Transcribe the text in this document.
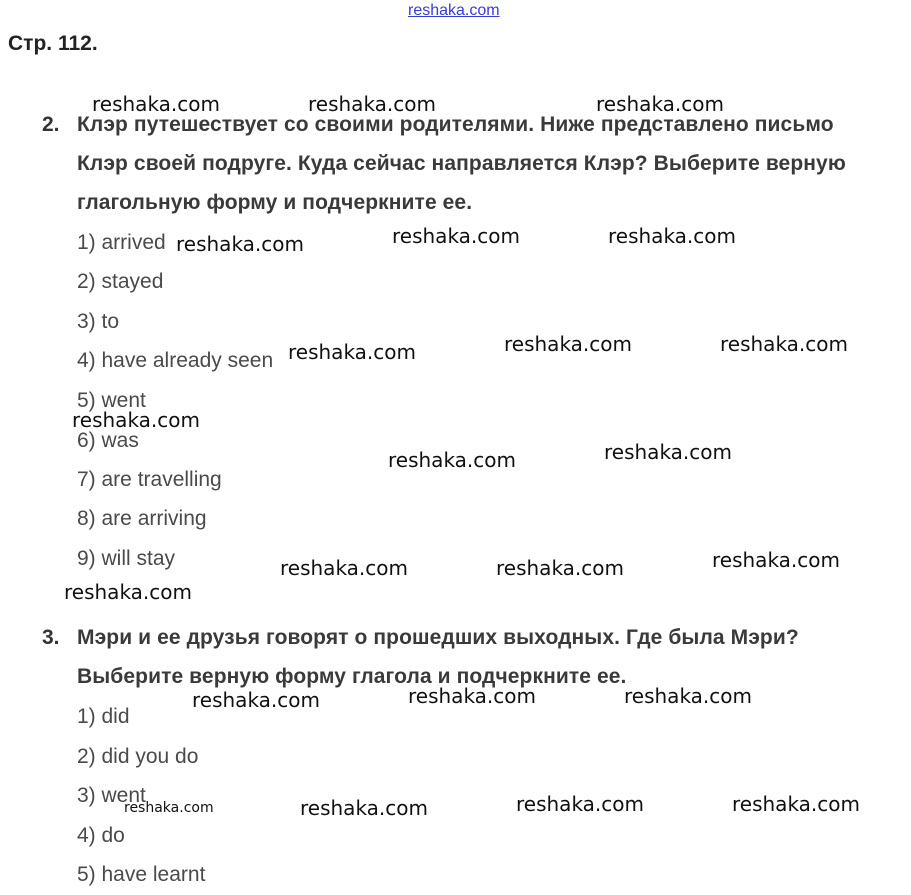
reshaka.com
Стр. 112.
2. Клэр путешествует со своими родителями. Ниже представлено письмо
Клэр своей подруге. Куда сейчас направляется Клэр? Выберите верную
глагольную форму и подчеркните ее.
1) arrived
2) stayed
3) to
4) have already seen
5) went
6) was
7) are travelling
8) are arriving
9) will stay
3. Мэри и ее друзья говорят о прошедших выходных. Где была Мэри?
Выберите верную форму глагола и подчеркните ее.
1) did
2) did you do
3) went
4) do
5) have learnt
reshaka.com	reshaka.com	reshaka.com
reshaka.com	reshaka.com	reshaka.com
reshaka.com	reshaka.com	reshaka.com
reshaka.com
reshaka.com	reshaka.com
reshaka.com	reshaka.com	reshaka.com
reshaka.com
reshaka.com	reshaka.com	reshaka.com
reshaka.com	reshaka.com	reshaka.com	reshaka.com
